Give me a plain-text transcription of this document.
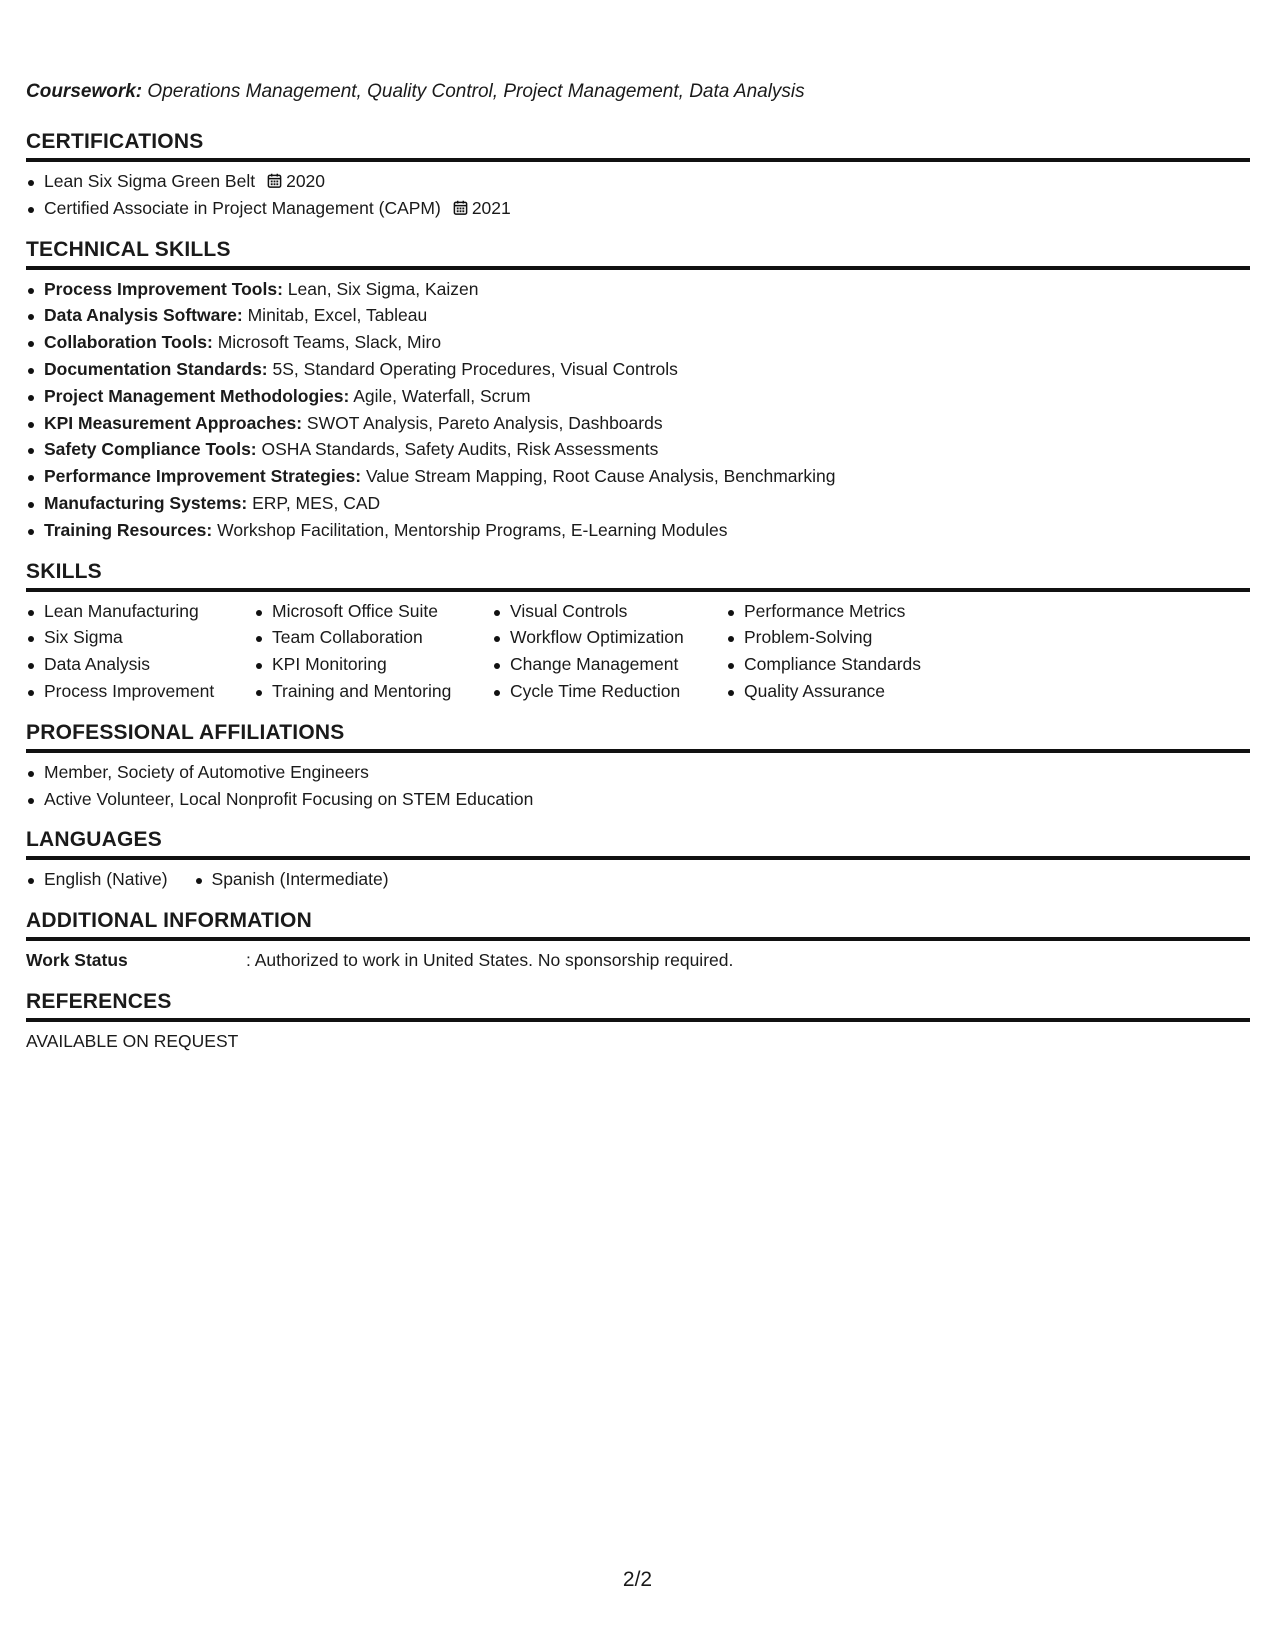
Coursework: Operations Management, Quality Control, Project Management, Data Analysis

CERTIFICATIONS
Lean Six Sigma Green Belt 2020
Certified Associate in Project Management (CAPM) 2021
TECHNICAL SKILLS
Process Improvement Tools: Lean, Six Sigma, Kaizen
Data Analysis Software: Minitab, Excel, Tableau
Collaboration Tools: Microsoft Teams, Slack, Miro
Documentation Standards: 5S, Standard Operating Procedures, Visual Controls
Project Management Methodologies: Agile, Waterfall, Scrum
KPI Measurement Approaches: SWOT Analysis, Pareto Analysis, Dashboards
Safety Compliance Tools: OSHA Standards, Safety Audits, Risk Assessments
Performance Improvement Strategies: Value Stream Mapping, Root Cause Analysis, Benchmarking
Manufacturing Systems: ERP, MES, CAD
Training Resources: Workshop Facilitation, Mentorship Programs, E-Learning Modules
SKILLS
Lean Manufacturing
Six Sigma
Data Analysis
Process Improvement
Microsoft Office Suite
Team Collaboration
KPI Monitoring
Training and Mentoring
Visual Controls
Workflow Optimization
Change Management
Cycle Time Reduction
Performance Metrics
Problem-Solving
Compliance Standards
Quality Assurance
PROFESSIONAL AFFILIATIONS
Member, Society of Automotive Engineers
Active Volunteer, Local Nonprofit Focusing on STEM Education
LANGUAGES
English (Native)	Spanish (Intermediate)
ADDITIONAL INFORMATION
Work Status	: Authorized to work in United States. No sponsorship required.
REFERENCES
AVAILABLE ON REQUEST
2/2
